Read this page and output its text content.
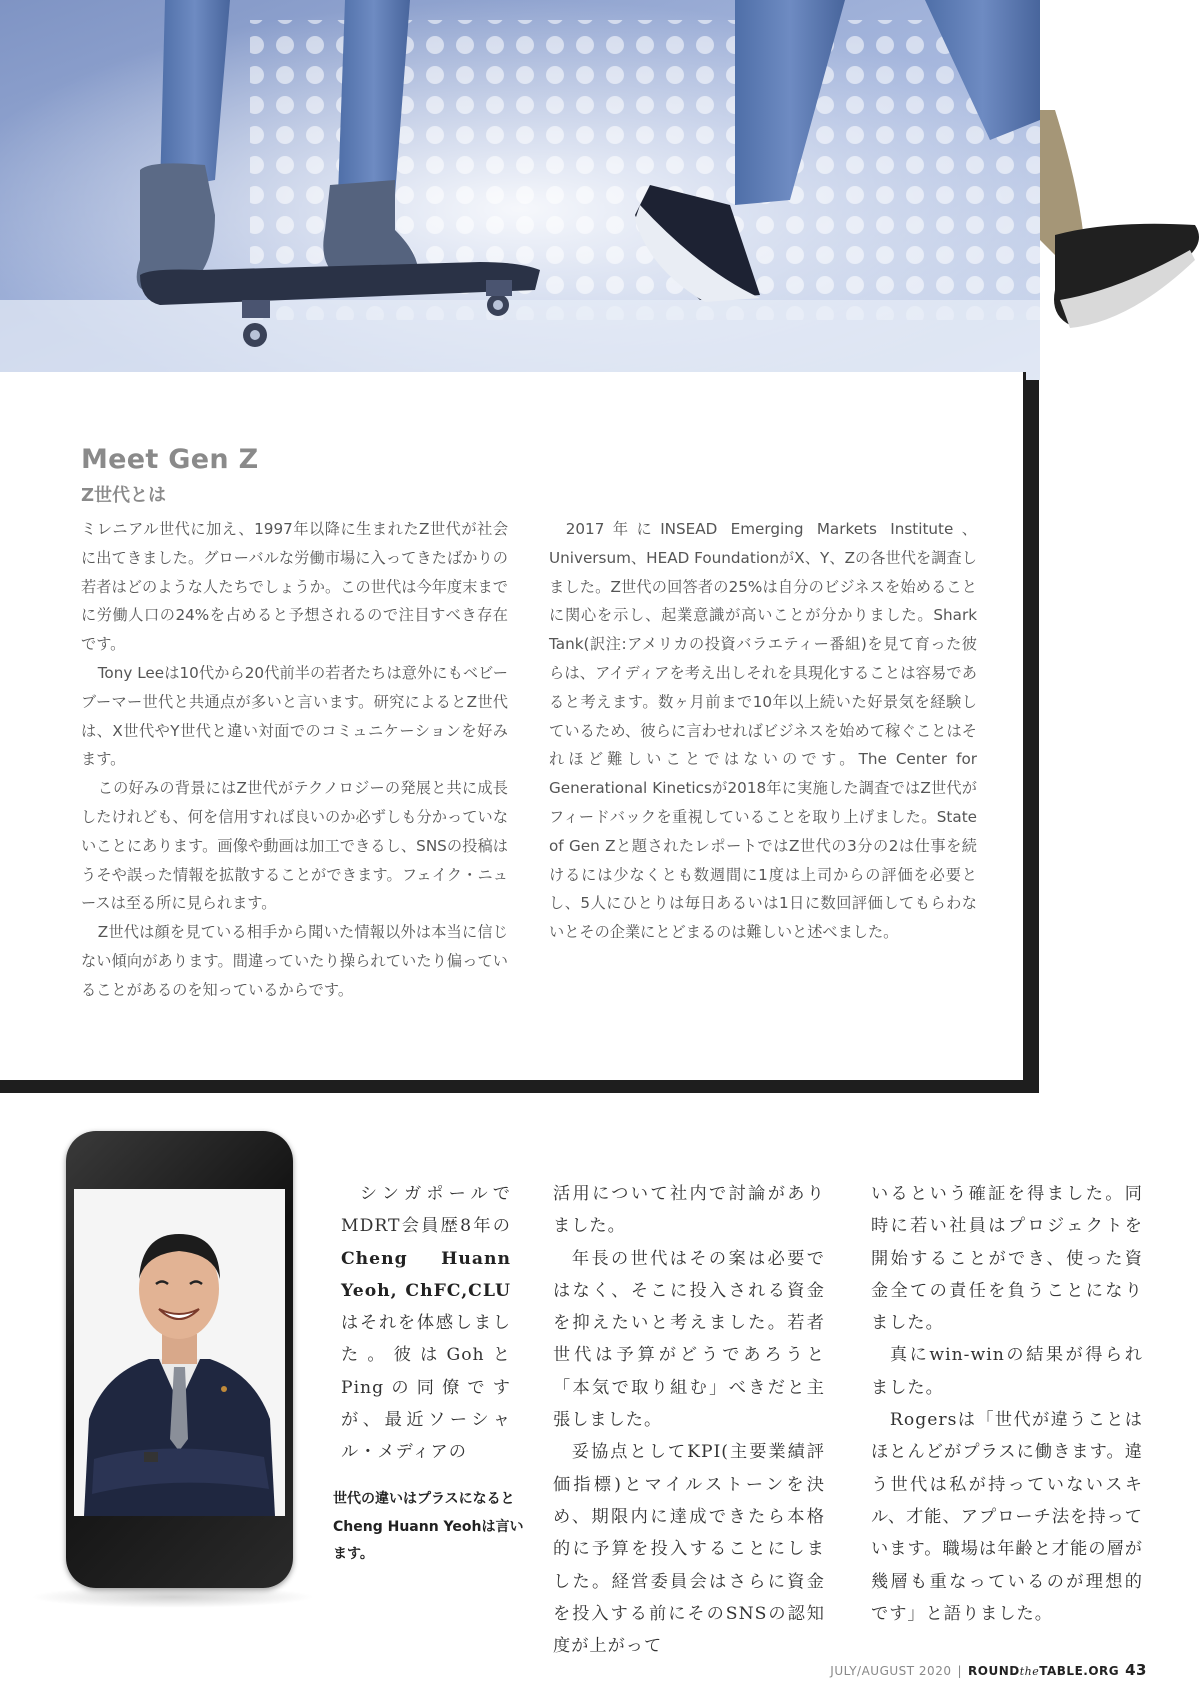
Meet Gen Z
Z世代とは

ミレニアル世代に加え、1997年以降に生まれたZ世代が社会に出てきました。グローバルな労働市場に入ってきたばかりの若者はどのような人たちでしょうか。この世代は今年度末までに労働人口の24%を占めると予想されるので注目すべき存在です。

Tony Leeは10代から20代前半の若者たちは意外にもベビーブーマー世代と共通点が多いと言います。研究によるとZ世代は、X世代やY世代と違い対面でのコミュニケーションを好みます。

この好みの背景にはZ世代がテクノロジーの発展と共に成長したけれども、何を信用すれば良いのか必ずしも分かっていないことにあります。画像や動画は加工できるし、SNSの投稿はうそや誤った情報を拡散することができます。フェイク・ニュースは至る所に見られます。

Z世代は顔を見ている相手から聞いた情報以外は本当に信じない傾向があります。間違っていたり操られていたり偏っていることがあるのを知っているからです。

2017年にINSEAD Emerging Markets Institute、Universum、HEAD FoundationがX、Y、Zの各世代を調査しました。Z世代の回答者の25%は自分のビジネスを始めることに関心を示し、起業意識が高いことが分かりました。Shark Tank(訳注:アメリカの投資バラエティー番組)を見て育った彼らは、アイディアを考え出しそれを具現化することは容易であると考えます。数ヶ月前まで10年以上続いた好景気を経験しているため、彼らに言わせればビジネスを始めて稼ぐことはそれほど難しいことではないのです。The Center for Generational Kineticsが2018年に実施した調査ではZ世代がフィードバックを重視していることを取り上げました。State of Gen Zと題されたレポートではZ世代の3分の2は仕事を続けるには少なくとも数週間に1度は上司からの評価を必要とし、5人にひとりは毎日あるいは1日に数回評価してもらわないとその企業にとどまるのは難しいと述べました。

世代の違いはプラスになるとCheng Huann Yeohは言います。

シンガポールでMDRT会員歴8年のCheng Huann Yeoh, ChFC,CLUはそれを体感しました。彼はGohとPingの同僚ですが、最近ソーシャル・メディアの

活用について社内で討論がありました。

年長の世代はその案は必要ではなく、そこに投入される資金を抑えたいと考えました。若者世代は予算がどうであろうと「本気で取り組む」べきだと主張しました。

妥協点としてKPI(主要業績評価指標)とマイルストーンを決め、期限内に達成できたら本格的に予算を投入することにしました。経営委員会はさらに資金を投入する前にそのSNSの認知度が上がって

いるという確証を得ました。同時に若い社員はプロジェクトを開始することができ、使った資金全ての責任を負うことになりました。

真にwin-winの結果が得られました。

Rogersは「世代が違うことはほとんどがプラスに働きます。違う世代は私が持っていないスキル、才能、アプローチ法を持っています。職場は年齢と才能の層が幾層も重なっているのが理想的です」と語りました。

JULY/AUGUST 2020 | ROUNDtheTABLE.ORG 43
